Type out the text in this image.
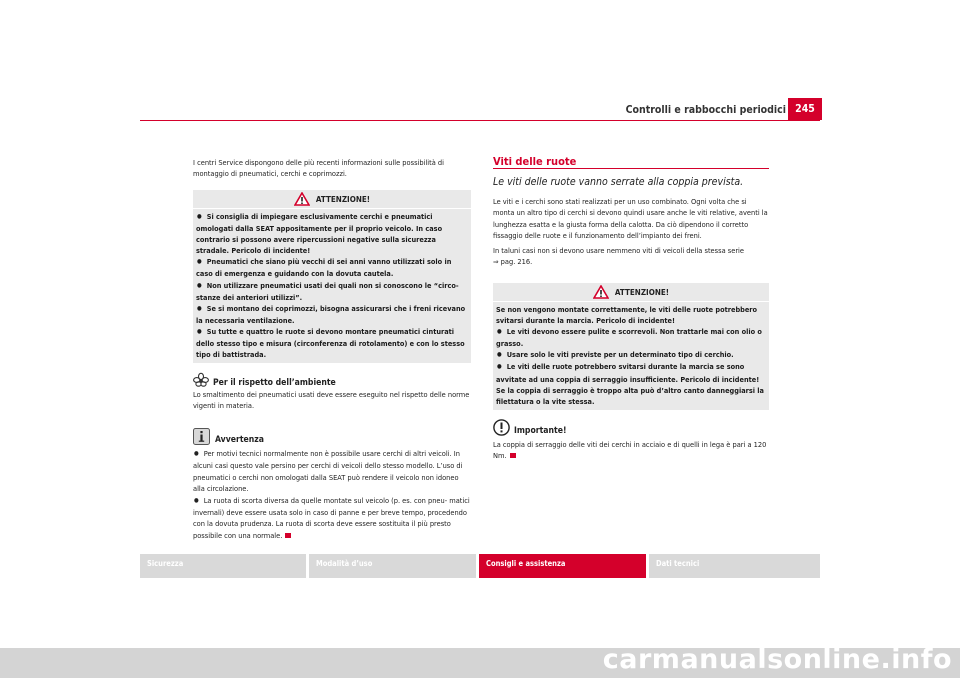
Controlli e rabbocchi periodici 245

I centri Service dispongono delle più recenti informazioni sulle possibilità di montaggio di pneumatici, cerchi e coprimozzi.

ATTENZIONE!

● Si consiglia di impiegare esclusivamente cerchi e pneumatici omologati dalla SEAT appositamente per il proprio veicolo. In caso contrario si possono avere ripercussioni negative sulla sicurezza stradale. Pericolo di incidente!

● Pneumatici che siano più vecchi di sei anni vanno utilizzati solo in caso di emergenza e guidando con la dovuta cautela.

● Non utilizzare pneumatici usati dei quali non si conoscono le “circo- stanze dei anteriori utilizzi”.

● Se si montano dei coprimozzi, bisogna assicurarsi che i freni ricevano la necessaria ventilazione.

● Su tutte e quattro le ruote si devono montare pneumatici cinturati dello stesso tipo e misura (circonferenza di rotolamento) e con lo stesso tipo di battistrada.

Per il rispetto dell’ambiente
Lo smaltimento dei pneumatici usati deve essere eseguito nel rispetto delle norme vigenti in materia.
Avvertenza

● Per motivi tecnici normalmente non è possibile usare cerchi di altri veicoli. In alcuni casi questo vale persino per cerchi di veicoli dello stesso modello. L’uso di pneumatici o cerchi non omologati dalla SEAT può rendere il veicolo non idoneo alla circolazione.

● La ruota di scorta diversa da quelle montate sul veicolo (p. es. con pneu- matici invernali) deve essere usata solo in caso di panne e per breve tempo, procedendo con la dovuta prudenza. La ruota di scorta deve essere sostituita il più presto possibile con una normale.

Viti delle ruote
Le viti delle ruote vanno serrate alla coppia prevista.

Le viti e i cerchi sono stati realizzati per un uso combinato. Ogni volta che si monta un altro tipo di cerchi si devono quindi usare anche le viti relative, aventi la lunghezza esatta e la giusta forma della calotta. Da ciò dipendono il corretto fissaggio delle ruote e il funzionamento dell’impianto dei freni.

In taluni casi non si devono usare nemmeno viti di veicoli della stessa serie
⇒ pag. 216.

ATTENZIONE!

Se non vengono montate correttamente, le viti delle ruote potrebbero svitarsi durante la marcia. Pericolo di incidente!

● Le viti devono essere pulite e scorrevoli. Non trattarle mai con olio o grasso.

● Usare solo le viti previste per un determinato tipo di cerchio.

● Le viti delle ruote potrebbero svitarsi durante la marcia se sono avvitate ad una coppia di serraggio insufficiente. Pericolo di incidente! Se la coppia di serraggio è troppo alta può d’altro canto danneggiarsi la filettatura o la vite stessa.

Importante!
La coppia di serraggio delle viti dei cerchi in acciaio e di quelli in lega è pari a 120 Nm.
Sicurezza	Modalità d’uso	Consigli e assistenza	Dati tecnici
carmanualsonline.info
